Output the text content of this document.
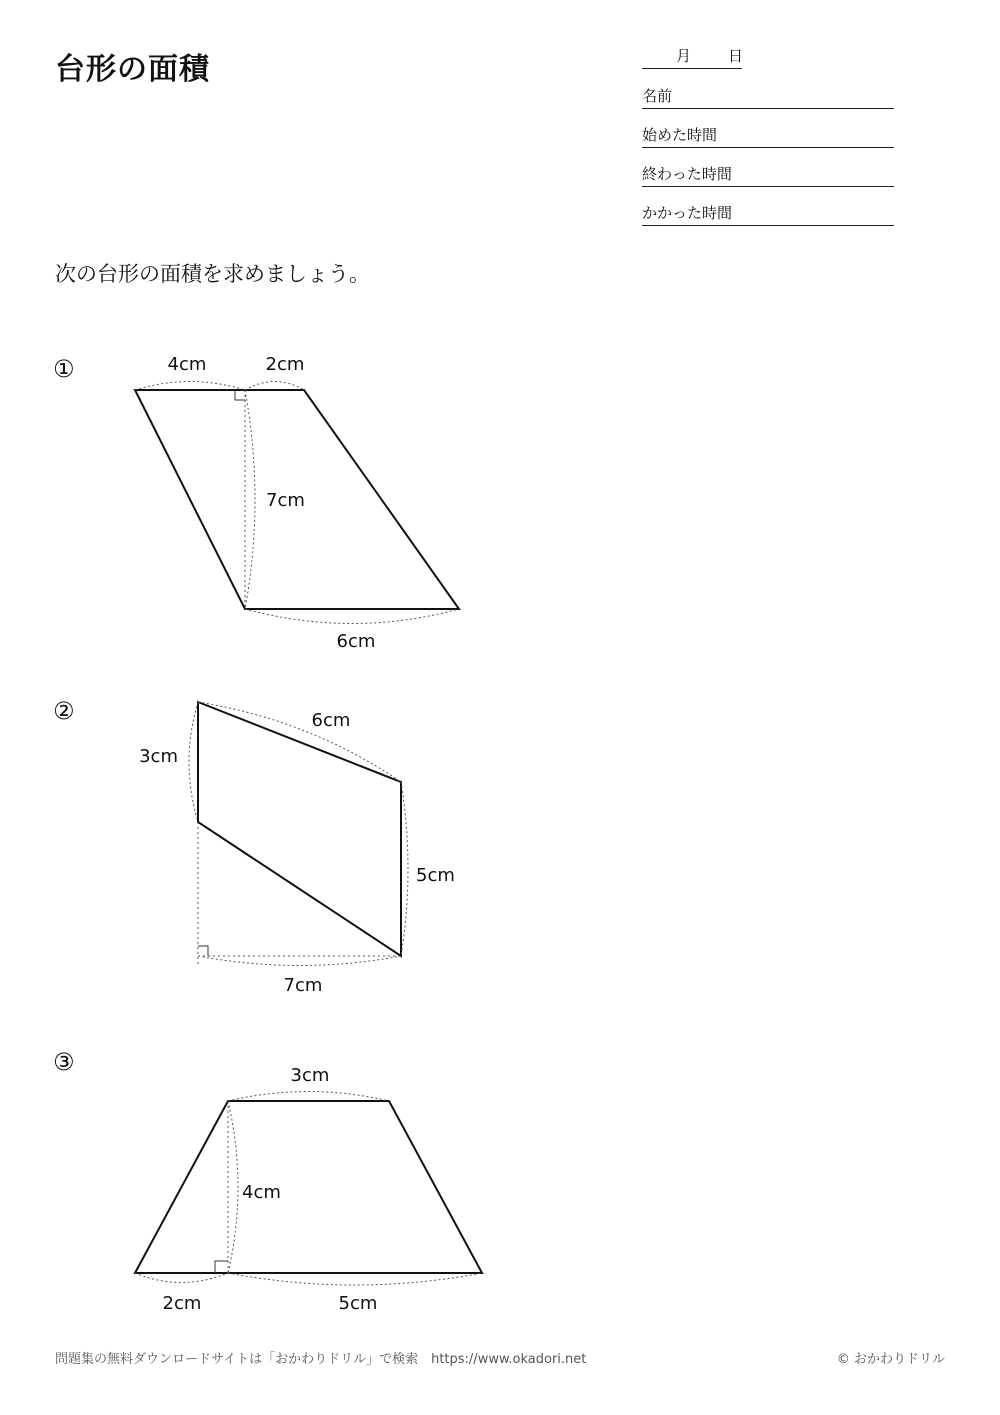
台形の面積	月 日
名前
始めた時間
終わった時間
かかった時間
次の台形の面積を求めましょう。
①
②
③
4cm	2cm
7cm
6cm
3cm
6cm
5cm
7cm
3cm
4cm
2cm	5cm
問題集の無料ダウンロードサイトは「おかわりドリル」で検索　https://www.okadori.net	© おかわりドリル
